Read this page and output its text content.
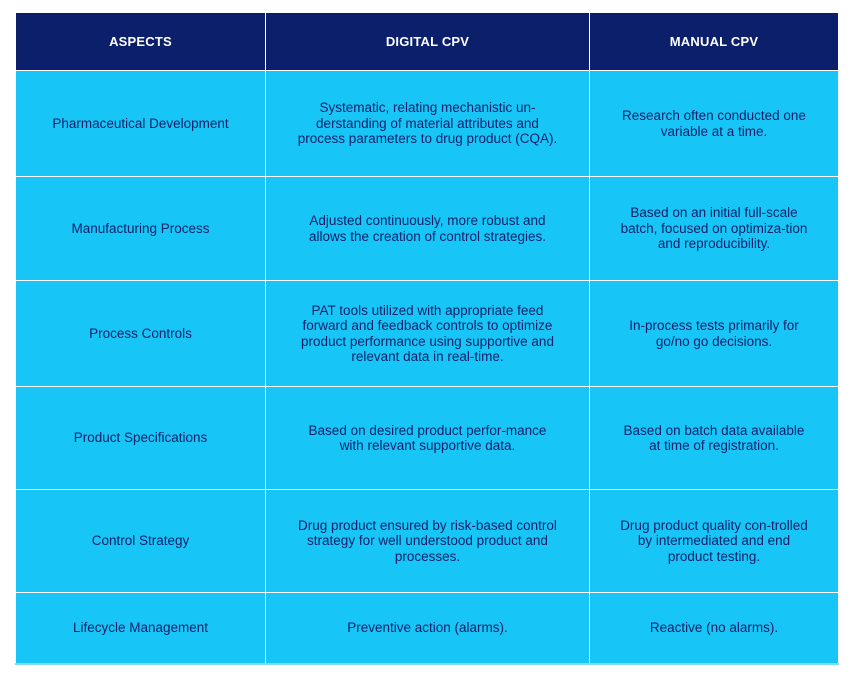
ASPECTS	DIGITAL CPV	MANUAL CPV
Pharmaceutical Development	Systematic, relating mechanistic un-derstanding of material attributes and process parameters to drug product (CQA).	Research often conducted one variable at a time.
Manufacturing Process	Adjusted continuously, more robust and allows the creation of control strategies.	Based on an initial full-scale batch, focused on optimiza-tion and reproducibility.
Process Controls	PAT tools utilized with appropriate feed forward and feedback controls to optimize product performance using supportive and relevant data in real-time.	In-process tests primarily for go/no go decisions.
Product Specifications	Based on desired product perfor-mance with relevant supportive data.	Based on batch data available at time of registration.
Control Strategy	Drug product ensured by risk-based control strategy for well understood product and processes.	Drug product quality con-trolled by intermediated and end product testing.
Lifecycle Management	Preventive action (alarms).	Reactive (no alarms).
